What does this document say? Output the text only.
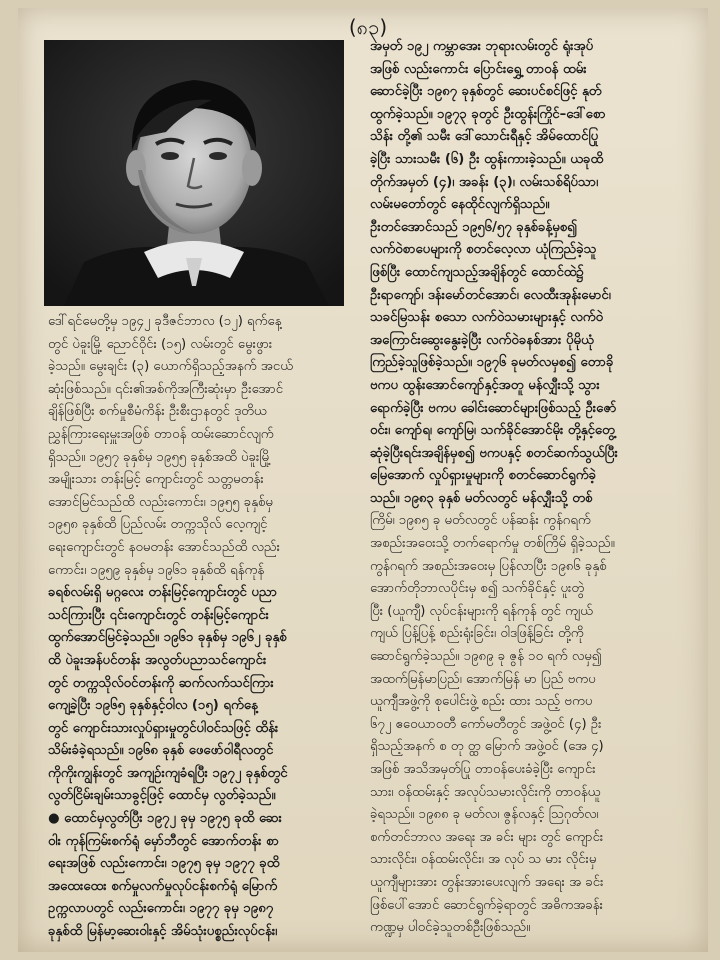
(၈၃)
ဒေါ်ရင်မေတို့မှ ၁၉၄၂ ခုဒီဇင်ဘာလ (၁၂) ရက်နေ့
တွင် ပဲခူးမြို့ ညောင်ဝိုင်း (၁၅) လမ်းတွင် မွေးဖွား
ခဲ့သည်။ မွေးချင်း (၃) ယောက်ရှိသည့်အနက် အငယ်
ဆုံးဖြစ်သည်။ ၎င်း၏အစ်ကိုအကြီးဆုံးမှာ ဦးအောင်
ချိန်ဖြစ်ပြီး စက်မှုစီမံကိန်း ဦးစီးဌာနတွင် ဒုတိယ
ညွှန်ကြားရေးမှူးအဖြစ် တာဝန် ထမ်းဆောင်လျက်
ရှိသည်။ ၁၉၅၇ ခုနှစ်မှ ၁၉၅၅ ခုနှစ်အထိ ပဲခူးမြို့
အမျိုးသား တန်းမြင့် ကျောင်းတွင် သတ္တမတန်း
အောင်မြင်သည်ထိ လည်းကောင်း၊ ၁၉၅၅ ခုနှစ်မှ
၁၉၅၈ ခုနှစ်ထိ ပြည်လမ်း တက္ကသိုလ် လေ့ကျင့်
ရေးကျောင်းတွင် နဝမတန်း အောင်သည်ထိ လည်း
ကောင်း၊ ၁၉၅၉ ခုနှစ်မှ ၁၉၆၁ ခုနှစ်ထိ ရန်ကုန်
ခရစ်လမ်းရှိ မဂ္ဂလေး တန်းမြင့်ကျောင်းတွင် ပညာ
သင်ကြားပြီး ၎င်းကျောင်းတွင် တန်းမြင့်ကျောင်း
ထွက်အောင်မြင်ခဲ့သည်။ ၁၉၆၁ ခုနှစ်မှ ၁၉၆၂ ခုနှစ်
ထိ ပဲခူးအန်ပင်တန်း အလွတ်ပညာသင်ကျောင်း
တွင် တက္ကသိုလ်ဝင်တန်းကို ဆက်လက်သင်ကြား
ကျေ့ခဲ့ပြီး ၁၉၆၅ ခုနှစ်နှင့်ဝါလ (၁၅) ရက်နေ့
တွင် ကျောင်းသားလှုပ်ရှားမှုတွင်ပါဝင်သဖြင့် ထိန်း
သိမ်းခံခဲ့ရသည်။ ၁၉၆၈ ခုနှစ် ဖေဖော်ဝါရီလတွင်
ကိုကိုးကျွန်းတွင် အကျဉ်းကျခံရပြီး ၁၉၇၂ ခုနှစ်တွင်
လွတ်ငြိမ်းချမ်းသာခွင့်ဖြင့် ထောင်မှ လွတ်ခဲ့သည်။
● ထောင်မှလွတ်ပြီး ၁၉၇၂ ခုမှ ၁၉၇၅ ခုထိ ဆေး
ဝါး ကုန်ကြမ်းစက်ရုံ မှော်ဘီတွင် အောက်တန်း စာ
ရေးအဖြစ် လည်းကောင်း၊ ၁၉၇၅ ခုမှ ၁၉၇၇ ခုထိ
အထေးထေး စက်မှုလက်မှုလုပ်ငန်းစက်ရုံ မြောက်
ဥက္ကလာပတွင် လည်းကောင်း၊ ၁၉၇၇ ခုမှ ၁၉၈၇
ခုနှစ်ထိ မြန်မာ့ဆေးဝါးနှင့် အိမ်သုံးပစ္စည်းလုပ်ငန်း၊
အမှတ် ၁၉၂ ကမ္ဘာအေး ဘုရားလမ်းတွင် ရုံးအုပ်
အဖြစ် လည်းကောင်း ပြောင်းရွှေ့ တာဝန် ထမ်း
ဆောင်ခဲ့ပြီး ၁၉၈၇ ခုနှစ်တွင် ဆေးပင်စင်ဖြင့် နုတ်
ထွက်ခဲ့သည်။ ၁၉၇၃ ခုတွင် ဦးထွန်းကြိုင်–ဒေါ်စော
သိန်း တို့၏ သမီး ဒေါ်သောင်းရီနှင့် အိမ်ထောင်ပြု
ခဲ့ပြီး သားသမီး (၆) ဦး ထွန်းကားခဲ့သည်။ ယခုထိ
တိုက်အမှတ် (၄)၊ အခန်း (၃)၊ လမ်းသစ်ရိပ်သာ၊
လမ်းမတော်တွင် နေထိုင်လျက်ရှိသည်။
ဦးတင်အောင်သည် ၁၉၅၆/၅၇ ခုနှစ်ခန့်မှစ၍
လက်ဝဲစာပေများကို စတင်လေ့လာ ယုံကြည်ခဲ့သူ
ဖြစ်ပြီး ထောင်ကျသည့်အချိန်တွင် ထောင်ထဲ၌
ဦးရာကျော်၊ ဒန်းမော်တင်အောင်၊ လေထီးအုန်းမောင်၊
သခင်မြသန်း စသော လက်ဝဲသမားများနှင့် လက်ဝဲ
အကြောင်းဆွေးနွေးခဲ့ပြီး လက်ဝဲခနစ်အား ပိုမိုယုံ
ကြည်ခဲ့သူဖြစ်ခဲ့သည်။ ၁၉၇၆ ခုမတ်လမှစ၍ တောခို
ဗကပ ထွန်းအောင်ကျော်နှင့်အတူ မန်လျှီးသို့ သွား
ရောက်ခဲ့ပြီး ဗကပ ခေါင်းဆောင်များဖြစ်သည့် ဦးဇော်
ဝင်း၊ ကျော်ရ၊ ကျော်မြ၊ သက်ခိုင်အောင်မိုး တို့နှင့်တွေ့
ဆုံခဲ့ပြီးရင်းအချိန်မှစ၍ ဗကပနှင့် စတင်ဆက်သွယ်ပြီး
မြေအောက် လှုပ်ရှားမှုများကို စတင်ဆောင်ရွက်ခဲ့
သည်။ ၁၉၈၃ ခုနှစ် မတ်လတွင် မန်လျှီးသို့ တစ်
ကြိမ်၊ ၁၉၈၅ ခု မတ်လတွင် ပန်ဆန်း ကွန်ဂရက်
အစည်းအဝေးသို့ တက်ရောက်မှု တစ်ကြိမ် ရှိခဲ့သည်။
ကွန်ဂရက် အစည်းအဝေးမှ ပြန်လာပြီး ၁၉၈၆ ခုနှစ်
အောက်တိုဘာလပိုင်းမှ စ၍ သက်ခိုင်နှင့် ပူးတွဲ
ပြီး (ယူကျီ) လုပ်ငန်းများကို ရန်ကုန် တွင် ကျယ်
ကျယ် ပြန့်ပြန့် စည်းရုံးခြင်း၊ ဝါဒဖြန့်ခြင်း တို့ကို
ဆောင်ရွက်ခဲ့သည်။ ၁၉၈၉ ခု ဇွန် ၁၀ ရက် လမှ၍
အထက်မြန်မာပြည်၊ အောက်မြန် မာ ပြည် ဗကပ
ယူကျီအဖွဲ့ကို စုပေါင်းဖွဲ့ စည်း ထား သည့် ဗကပ
၆၇၂ ဧဝေယာဝတီ ကော်မတီတွင် အဖွဲ့ဝင် (၄) ဦး
ရှိသည့်အနက် စ တု တ္ထ မြောက် အဖွဲ့ဝင် (အေ ၄)
အဖြစ် အသိအမှတ်ပြု တာဝန်ပေးခံခဲ့ပြီး ကျောင်း
သား၊ ဝန်ထမ်းနှင့် အလုပ်သမားလိုင်းကို တာဝန်ယူ
ခဲ့ရသည်။ ၁၉၈၈ ခု မတ်လ၊ ဇွန်လနှင့် ဩဂုတ်လ၊
စက်တင်ဘာလ အရေး အ ခင်း များ တွင် ကျောင်း
သားလိုင်း၊ ဝန်ထမ်းလိုင်း၊ အ လုပ် သ မား လိုင်းမှ
ယူကျီများအား တွန်းအားပေးလျက် အရေး အ ခင်း
ဖြစ်ပေါ်အောင် ဆောင်ရွက်ခဲ့ရာတွင် အဓိကအခန်း
ကဏ္ဍမှ ပါဝင်ခဲ့သူတစ်ဦးဖြစ်သည်။
